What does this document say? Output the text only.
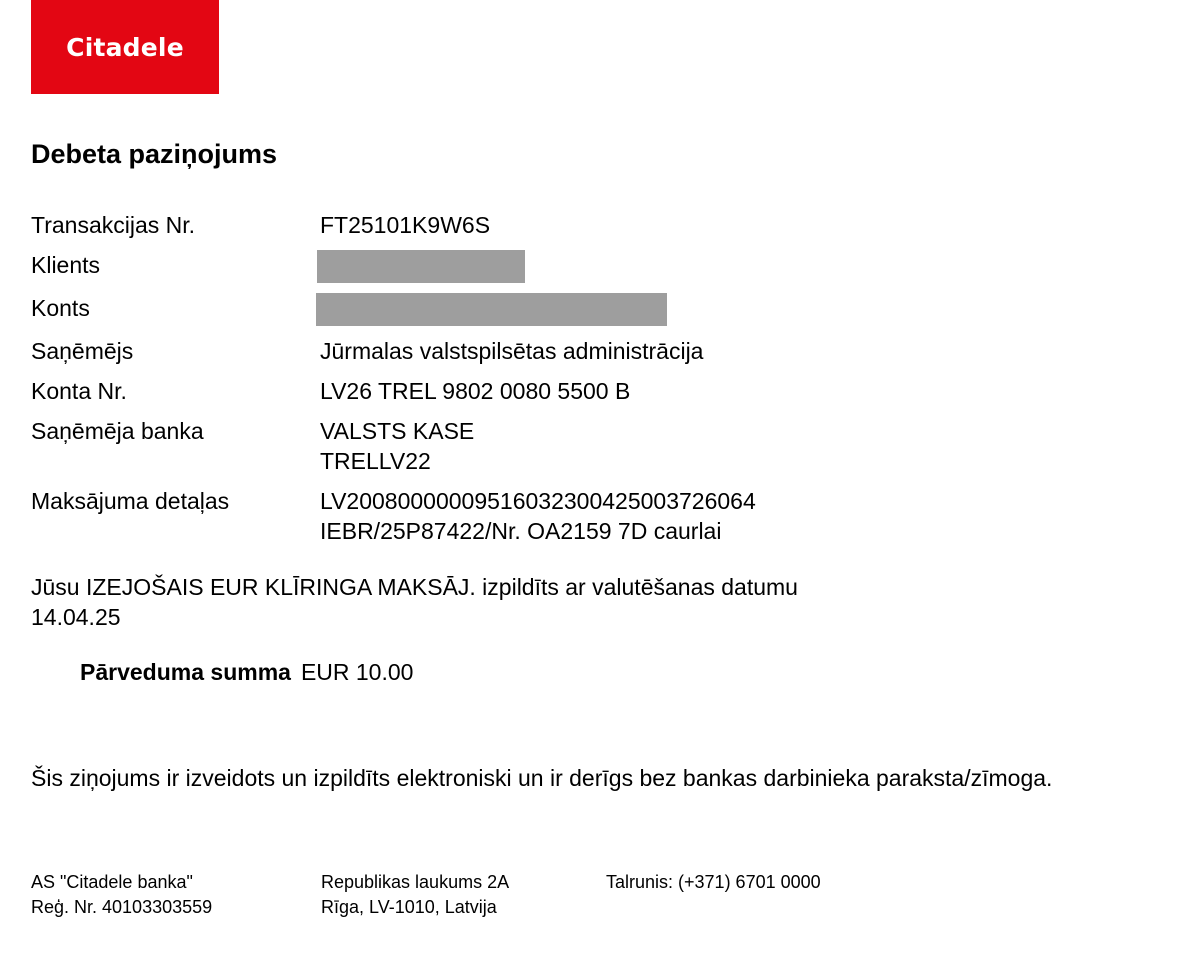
Citadele
Debeta paziņojums
Transakcijas Nr.	FT25101K9W6S
Klients
Konts
Saņēmējs	Jūrmalas valstspilsētas administrācija
Konta Nr.	LV26 TREL 9802 0080 5500 B
Saņēmēja banka	VALSTS KASE
TRELLV22
Maksājuma detaļas	LV20080000009516032300425003726064
IEBR/25P87422/Nr. OA2159 7D caurlai
Jūsu IZEJOŠAIS EUR KLĪRINGA MAKSĀJ. izpildīts ar valutēšanas datumu
14.04.25
Pārveduma summa EUR 10.00
Šis ziņojums ir izveidots un izpildīts elektroniski un ir derīgs bez bankas darbinieka paraksta/zīmoga.
AS "Citadele banka"
Reģ. Nr. 40103303559
Republikas laukums 2A
Rīga, LV-1010, Latvija
Talrunis: (+371) 6701 0000
